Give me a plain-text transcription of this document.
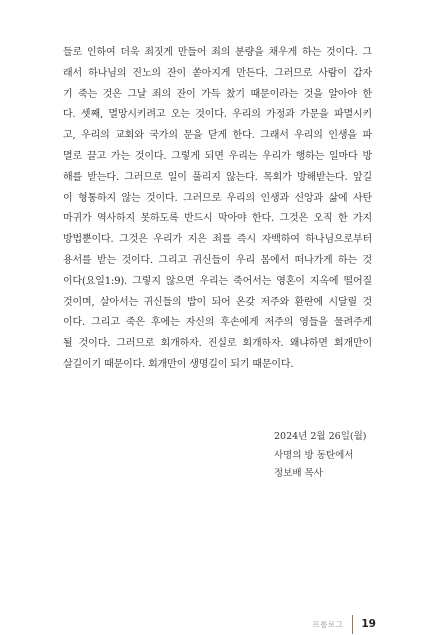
들로 인하여 더욱 죄짓게 만들어 죄의 분량을 채우게 하는 것이다. 그
래서 하나님의 진노의 잔이 쏟아지게 만든다. 그러므로 사람이 갑자
기 죽는 것은 그날 죄의 잔이 가득 찼기 때문이라는 것을 알아야 한
다. 셋째, 멸망시키려고 오는 것이다. 우리의 가정과 가문을 파멸시키
고, 우리의 교회와 국가의 문을 닫게 한다. 그래서 우리의 인생을 파
멸로 끌고 가는 것이다. 그렇게 되면 우리는 우리가 행하는 일마다 방
해를 받는다. 그러므로 일이 풀리지 않는다. 목회가 방해받는다. 앞길
이 형통하지 않는 것이다. 그러므로 우리의 인생과 신앙과 삶에 사탄
마귀가 역사하지 못하도록 반드시 막아야 한다. 그것은 오직 한 가지
방법뿐이다. 그것은 우리가 지은 죄를 즉시 자백하여 하나님으로부터
용서를 받는 것이다. 그리고 귀신들이 우리 몸에서 떠나가게 하는 것
이다(요일1:9). 그렇지 않으면 우리는 죽어서는 영혼이 지옥에 떨어질
것이며, 살아서는 귀신들의 밥이 되어 온갖 저주와 환란에 시달릴 것
이다. 그리고 죽은 후에는 자신의 후손에게 저주의 영들을 물려주게
될 것이다. 그러므로 회개하자. 진실로 회개하자. 왜냐하면 회개만이
살길이기 때문이다. 회개만이 생명길이 되기 때문이다.
2024년 2월 26일(월)
사명의 방 동탄에서
정보배 목사
프롤로그 19
